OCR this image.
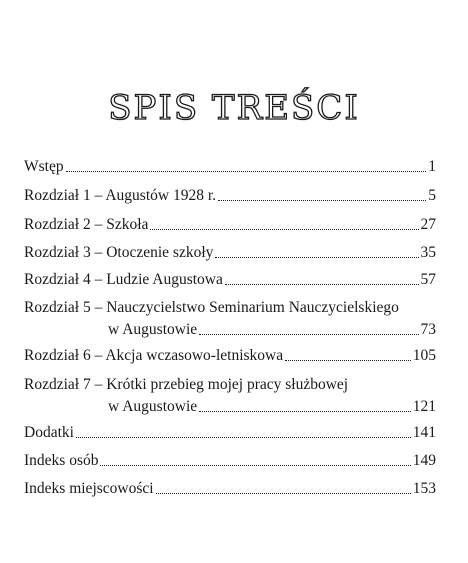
SPIS TREŚCI
Wstęp	1
Rozdział 1 – Augustów 1928 r.	5
Rozdział 2 – Szkoła	27
Rozdział 3 – Otoczenie szkoły	35
Rozdział 4 – Ludzie Augustowa	57
Rozdział 5 – Nauczycielstwo Seminarium Nauczycielskiego
w Augustowie	73
Rozdział 6 – Akcja wczasowo-letniskowa	105
Rozdział 7 – Krótki przebieg mojej pracy służbowej
w Augustowie	121
Dodatki	141
Indeks osób	149
Indeks miejscowości	153
